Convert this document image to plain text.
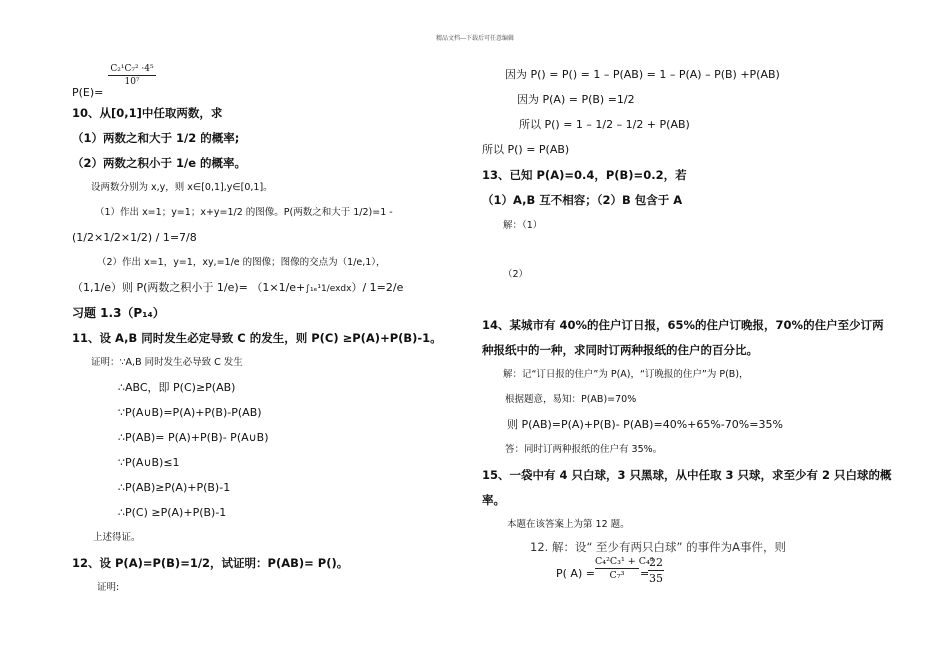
精品文档---下载后可任意编辑
C₂¹C₇² ·4⁵
10⁷
P(E)=
10、从[0,1]中任取两数，求
（1）两数之和大于 1/2 的概率;
（2）两数之积小于 1/e 的概率。
设两数分别为 x,y，则 x∈[0,1],y∈[0,1]。
（1）作出 x=1；y=1；x+y=1/2 的图像。P(两数之和大于 1/2)=1 -
(1/2×1/2×1/2) / 1=7/8
（2）作出 x=1，y=1，xy,=1/e 的图像；图像的交点为（1/e,1），
（1,1/e）则 P(两数之积小于 1/e)= （1×1/e+∫₁ₑ¹1/exdx）/ 1=2/e
习题 1.3（P₁₄）
11、设 A,B 同时发生必定导致 C 的发生，则 P(C) ≥P(A)+P(B)-1。
证明：∵A,B 同时发生必导致 C 发生
∴ABC，即 P(C)≥P(AB)
∵P(A∪B)=P(A)+P(B)-P(AB)
∴P(AB)= P(A)+P(B)- P(A∪B)
∵P(A∪B)≤1
∴P(AB)≥P(A)+P(B)-1
∴P(C) ≥P(A)+P(B)-1
上述得证。
12、设 P(A)=P(B)=1/2，试证明：P(AB)= P()。
证明:
因为 P() = P() = 1 – P(AB) = 1 – P(A) – P(B) +P(AB)
因为 P(A) = P(B) =1/2
所以 P() = 1 – 1/2 – 1/2 + P(AB)
所以 P() = P(AB)
13、已知 P(A)=0.4，P(B)=0.2，若
（1）A,B 互不相容；（2）B 包含于 A
解：（1）
（2）
14、某城市有 40%的住户订日报，65%的住户订晚报，70%的住户至少订两
种报纸中的一种，求同时订两种报纸的住户的百分比。
解：记“订日报的住户”为 P(A)，“订晚报的住户”为 P(B)，
根据题意，易知：P(AB)=70%
则 P(AB)=P(A)+P(B)- P(AB)=40%+65%-70%=35%
答：同时订两种报纸的住户有 35%。
15、一袋中有 4 只白球，3 只黑球，从中任取 3 只球，求至少有 2 只白球的概
率。
本题在该答案上为第 12 题。
12. 解：设“ 至少有两只白球” 的事件为A事件，则
P( A) =
C₄²C₃¹ + C₄³
C₇³	=
22
35
